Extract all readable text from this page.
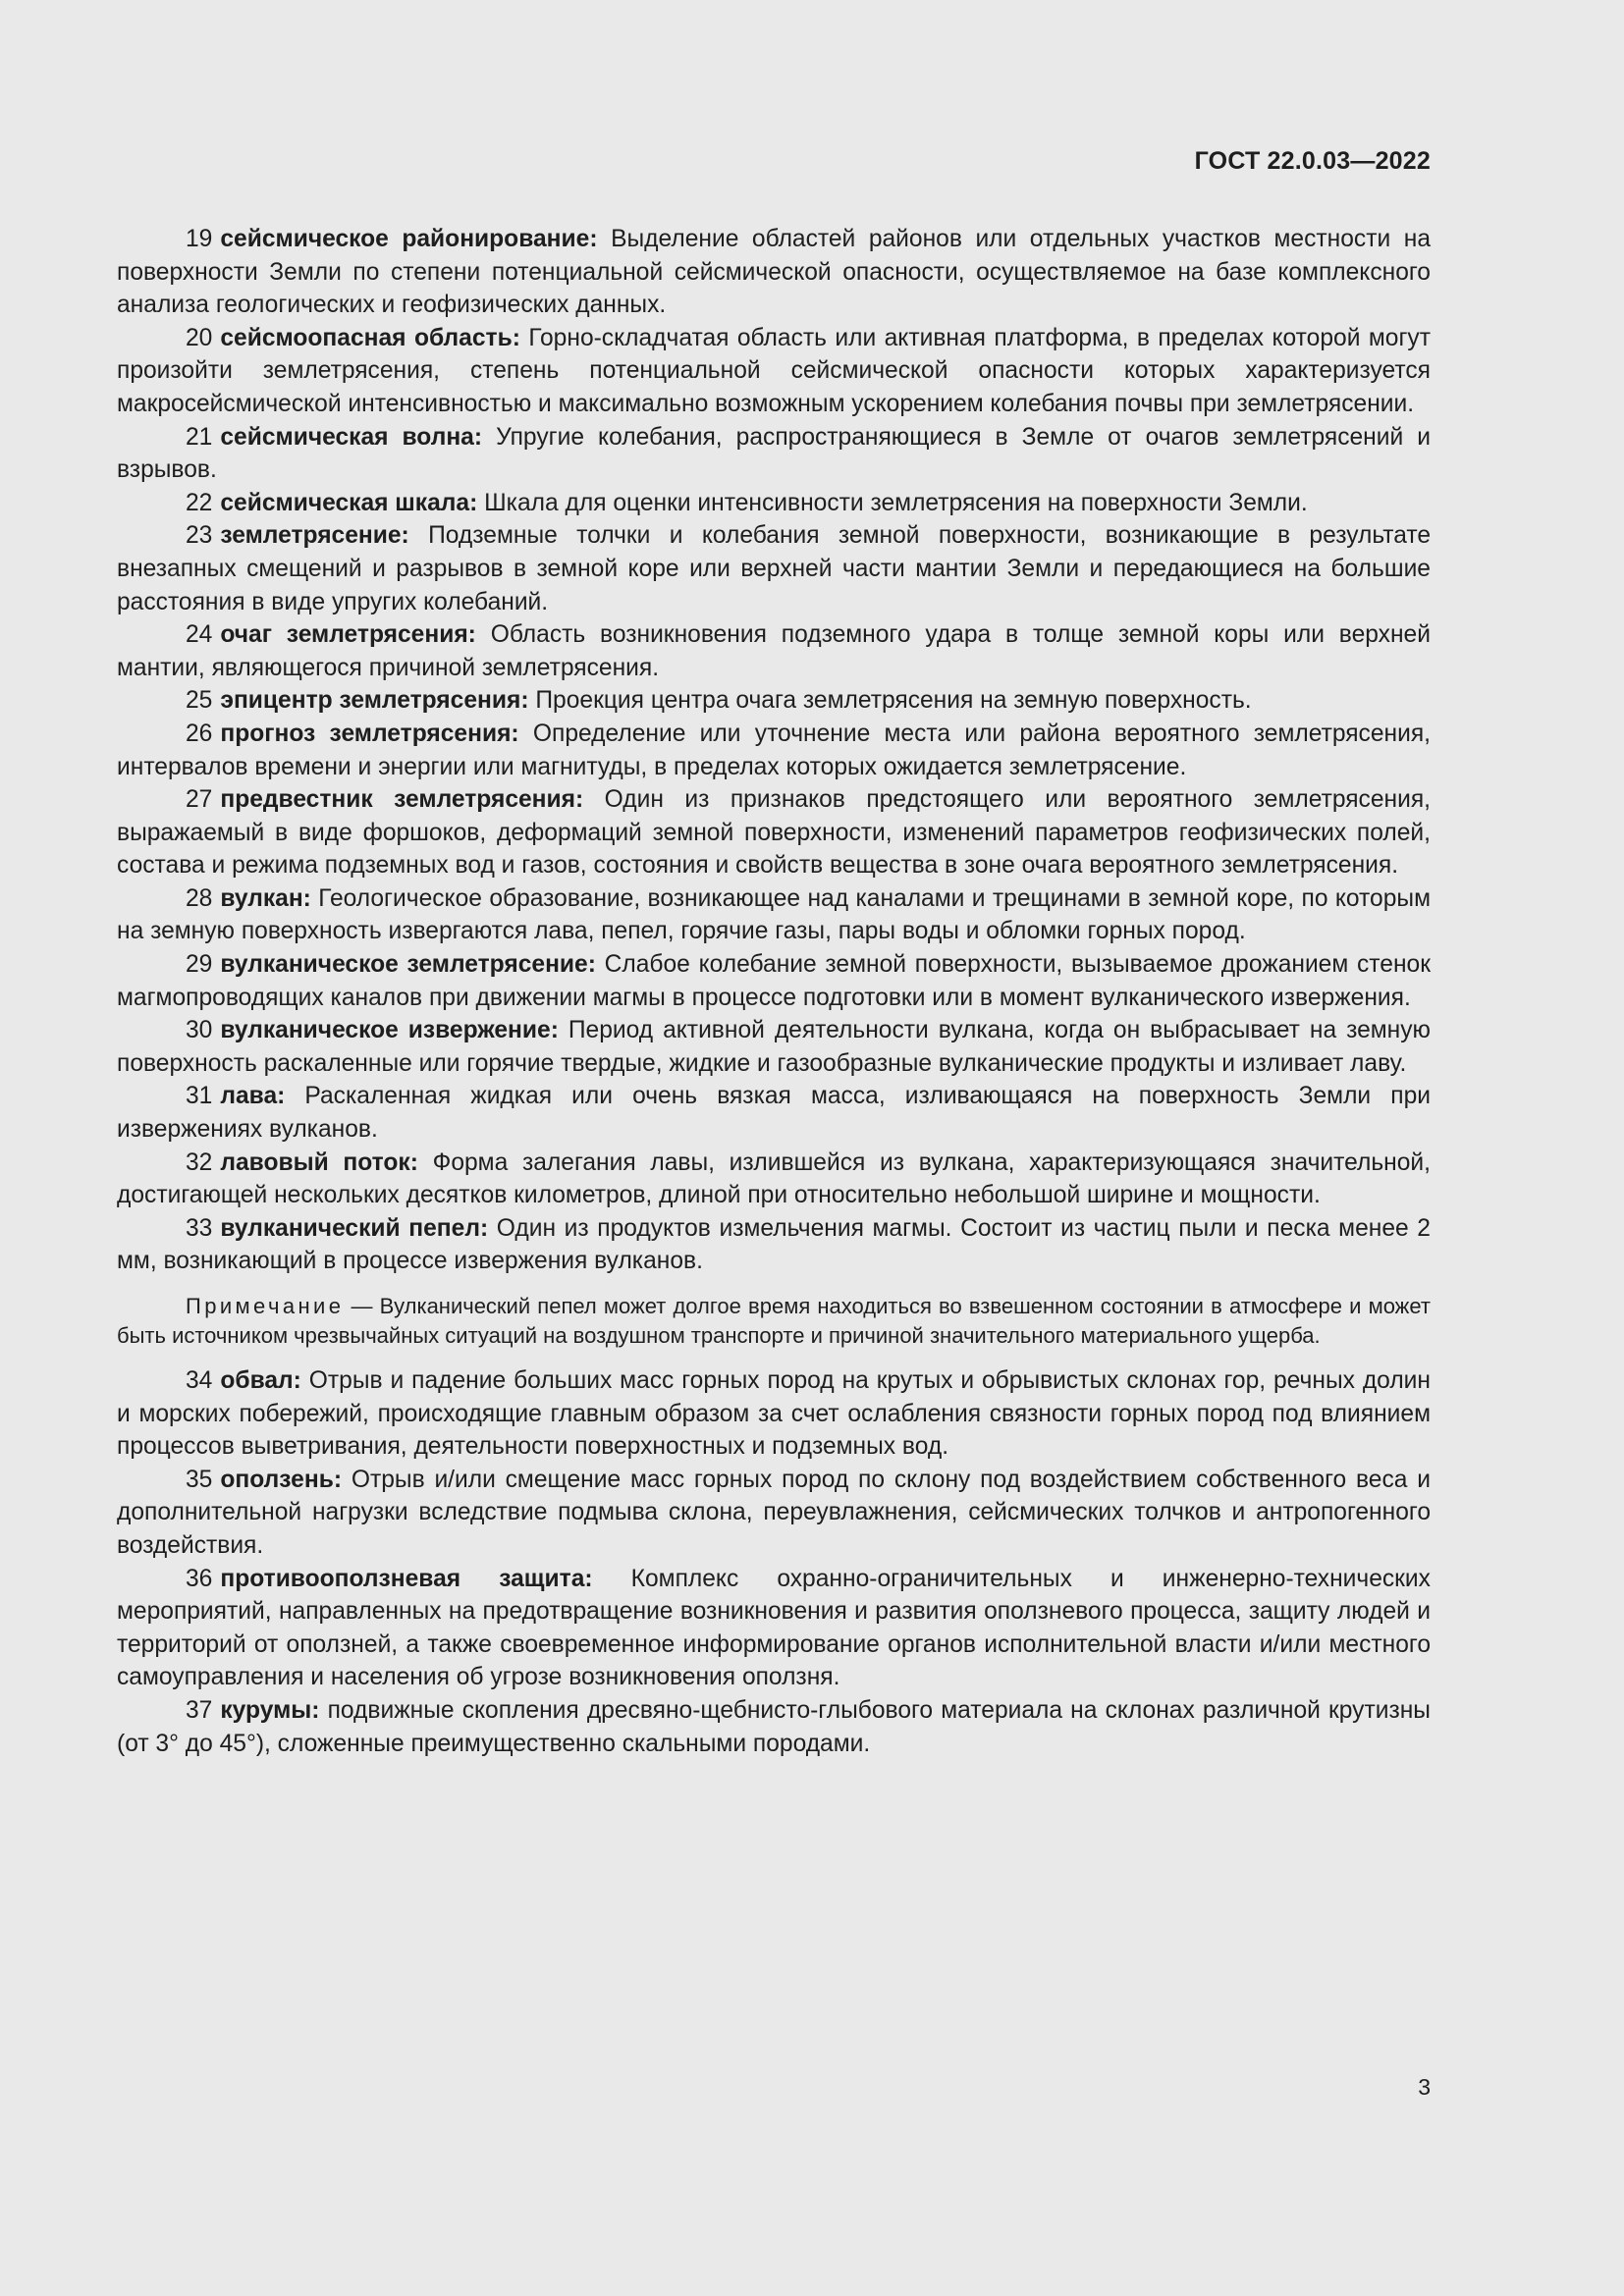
ГОСТ 22.0.03—2022

19 сейсмическое районирование: Выделение областей районов или отдельных участков местности на поверхности Земли по степени потенциальной сейсмической опасности, осуществляемое на базе комплексного анализа геологических и геофизических данных.

20 сейсмоопасная область: Горно-складчатая область или активная платформа, в пределах которой могут произойти землетрясения, степень потенциальной сейсмической опасности которых характеризуется макросейсмической интенсивностью и максимально возможным ускорением колебания почвы при землетрясении.

21 сейсмическая волна: Упругие колебания, распространяющиеся в Земле от очагов землетрясений и взрывов.

22 сейсмическая шкала: Шкала для оценки интенсивности землетрясения на поверхности Земли.

23 землетрясение: Подземные толчки и колебания земной поверхности, возникающие в результате внезапных смещений и разрывов в земной коре или верхней части мантии Земли и передающиеся на большие расстояния в виде упругих колебаний.

24 очаг землетрясения: Область возникновения подземного удара в толще земной коры или верхней мантии, являющегося причиной землетрясения.

25 эпицентр землетрясения: Проекция центра очага землетрясения на земную поверхность.

26 прогноз землетрясения: Определение или уточнение места или района вероятного землетрясения, интервалов времени и энергии или магнитуды, в пределах которых ожидается землетрясение.

27 предвестник землетрясения: Один из признаков предстоящего или вероятного землетрясения, выражаемый в виде форшоков, деформаций земной поверхности, изменений параметров геофизических полей, состава и режима подземных вод и газов, состояния и свойств вещества в зоне очага вероятного землетрясения.

28 вулкан: Геологическое образование, возникающее над каналами и трещинами в земной коре, по которым на земную поверхность извергаются лава, пепел, горячие газы, пары воды и обломки горных пород.

29 вулканическое землетрясение: Слабое колебание земной поверхности, вызываемое дрожанием стенок магмопроводящих каналов при движении магмы в процессе подготовки или в момент вулканического извержения.

30 вулканическое извержение: Период активной деятельности вулкана, когда он выбрасывает на земную поверхность раскаленные или горячие твердые, жидкие и газообразные вулканические продукты и изливает лаву.

31 лава: Раскаленная жидкая или очень вязкая масса, изливающаяся на поверхность Земли при извержениях вулканов.

32 лавовый поток: Форма залегания лавы, излившейся из вулкана, характеризующаяся значительной, достигающей нескольких десятков километров, длиной при относительно небольшой ширине и мощности.

33 вулканический пепел: Один из продуктов измельчения магмы. Состоит из частиц пыли и песка менее 2 мм, возникающий в процессе извержения вулканов.

Примечание — Вулканический пепел может долгое время находиться во взвешенном состоянии в атмосфере и может быть источником чрезвычайных ситуаций на воздушном транспорте и причиной значительного материального ущерба.

34 обвал: Отрыв и падение больших масс горных пород на крутых и обрывистых склонах гор, речных долин и морских побережий, происходящие главным образом за счет ослабления связности горных пород под влиянием процессов выветривания, деятельности поверхностных и подземных вод.

35 оползень: Отрыв и/или смещение масс горных пород по склону под воздействием собственного веса и дополнительной нагрузки вследствие подмыва склона, переувлажнения, сейсмических толчков и антропогенного воздействия.

36 противооползневая защита: Комплекс охранно-ограничительных и инженерно-технических мероприятий, направленных на предотвращение возникновения и развития оползневого процесса, защиту людей и территорий от оползней, а также своевременное информирование органов исполнительной власти и/или местного самоуправления и населения об угрозе возникновения оползня.

37 курумы: подвижные скопления дресвяно-щебнисто-глыбового материала на склонах различной крутизны (от 3° до 45°), сложенные преимущественно скальными породами.

3
